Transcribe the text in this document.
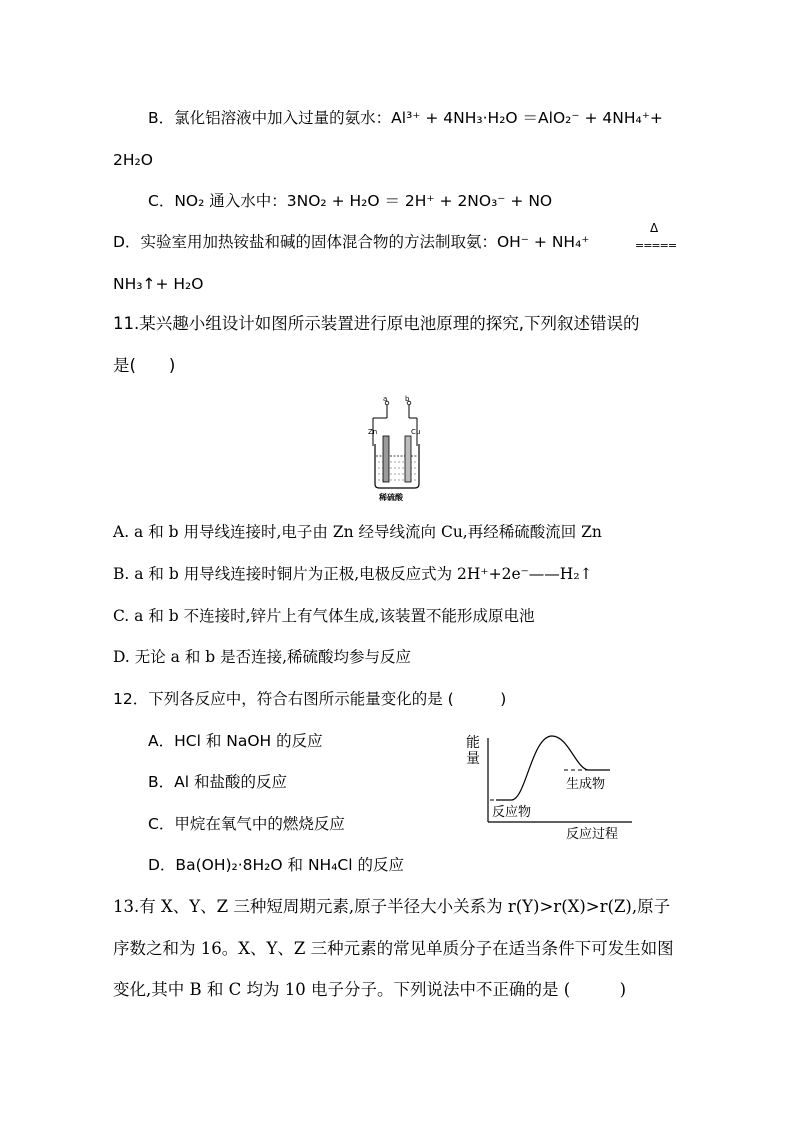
B．氯化铝溶液中加入过量的氨水：Al³⁺ + 4NH₃·H₂O ＝AlO₂⁻ + 4NH₄⁺+
2H₂O
C．NO₂ 通入水中：3NO₂ + H₂O ＝ 2H⁺ + 2NO₃⁻ + NO
D．实验室用加热铵盐和碱的固体混合物的方法制取氨：OH⁻ + NH₄⁺
Δ
=====
NH₃↑+ H₂O
11.某兴趣小组设计如图所示装置进行原电池原理的探究,下列叙述错误的
是(　　)
a	b
Zn	Cu
稀硫酸
A. a 和 b 用导线连接时,电子由 Zn 经导线流向 Cu,再经稀硫酸流回 Zn
B. a 和 b 用导线连接时铜片为正极,电极反应式为 2H⁺+2e⁻——H₂↑
C. a 和 b 不连接时,锌片上有气体生成,该装置不能形成原电池
D. 无论 a 和 b 是否连接,稀硫酸均参与反应
12．下列各反应中，符合右图所示能量变化的是 (　　　)
A．HCl 和 NaOH 的反应
B．Al 和盐酸的反应
C．甲烷在氧气中的燃烧反应
D．Ba(OH)₂·8H₂O 和 NH₄Cl 的反应
能
量
生成物
反应物
反应过程
13.有 X、Y、Z 三种短周期元素,原子半径大小关系为 r(Y)>r(X)>r(Z),原子
序数之和为 16。X、Y、Z 三种元素的常见单质分子在适当条件下可发生如图
变化,其中 B 和 C 均为 10 电子分子。下列说法中不正确的是 (　　　)
